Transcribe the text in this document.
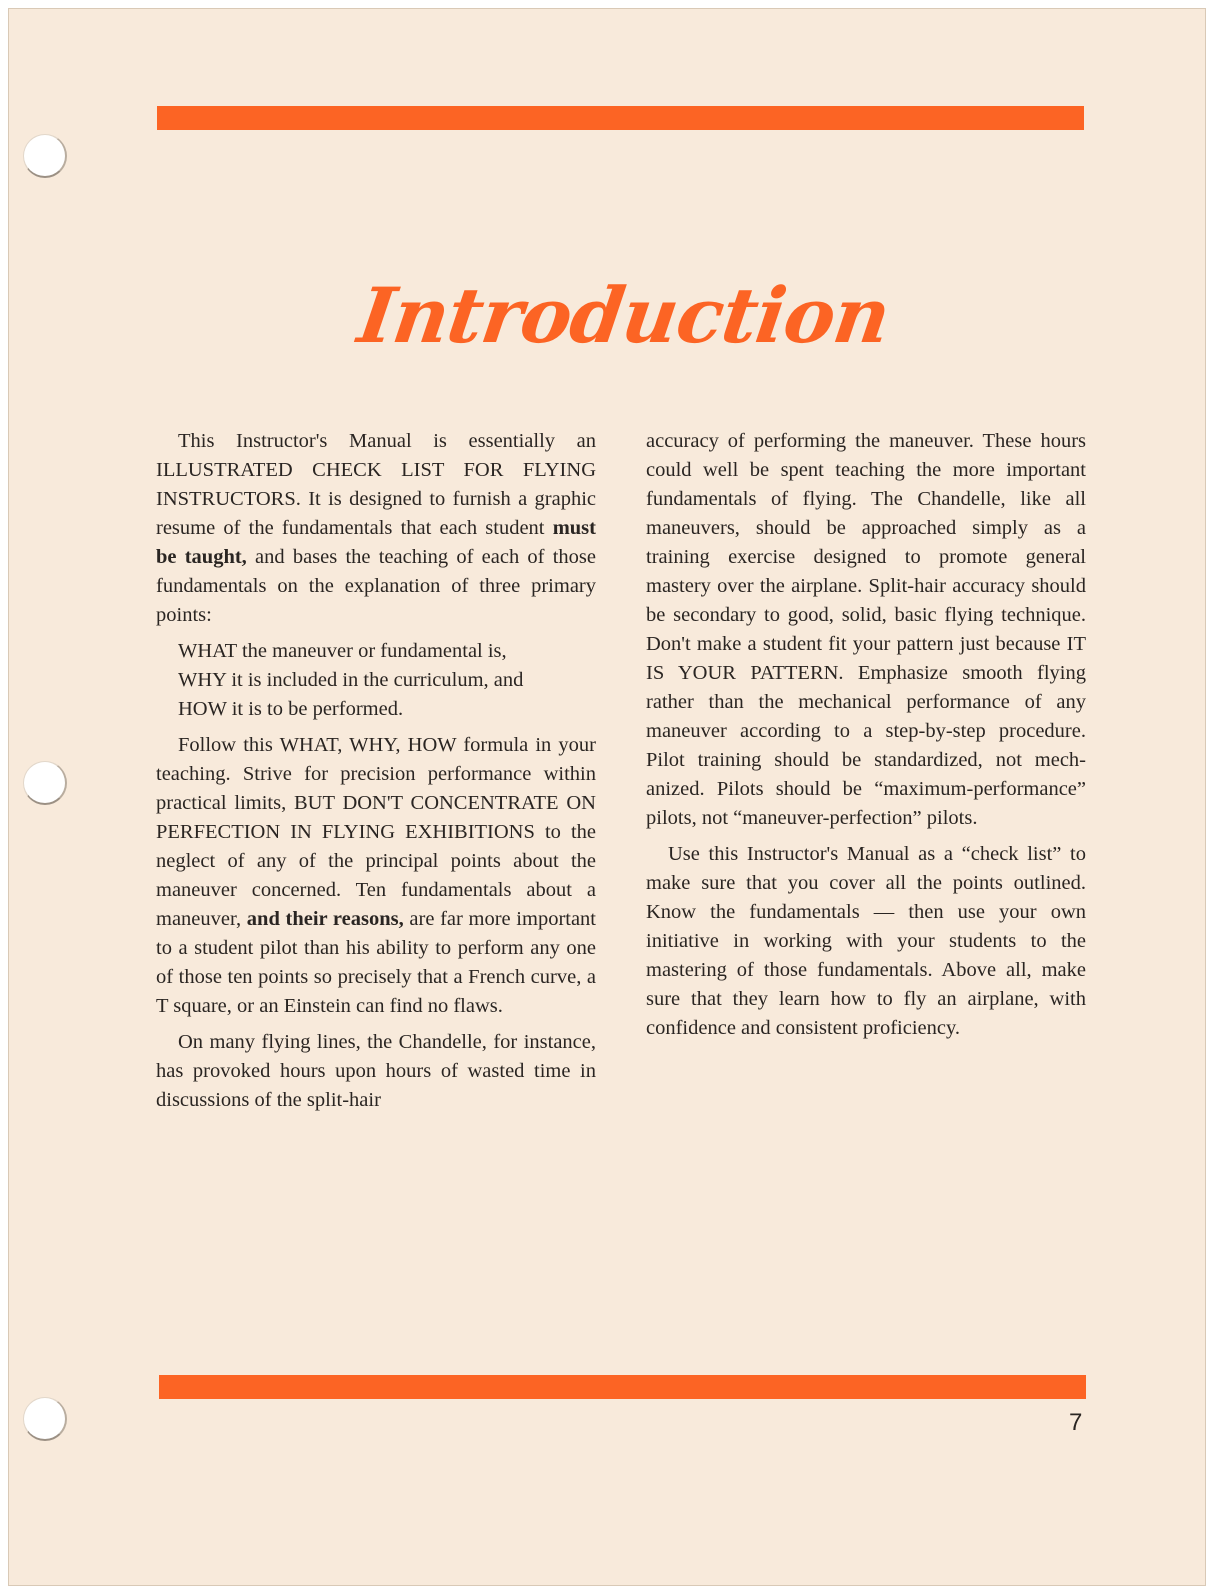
Introduction

This Instructor's Manual is essentially an ILLUSTRATED CHECK LIST FOR FLYING INSTRUCTORS. It is designed to furnish a graphic resume of the fundamentals that each student must be taught, and bases the teaching of each of those fundamentals on the explanation of three primary points:

WHAT the maneuver or fundamental is,

WHY it is included in the curriculum, and

HOW it is to be performed.

Follow this WHAT, WHY, HOW formula in your teaching. Strive for precision performance within practical limits, BUT DON'T CONCENTRATE ON PERFECTION IN FLYING EXHIBITIONS to the neglect of any of the principal points about the maneuver concerned. Ten fundamentals about a maneuver, and their reasons, are far more important to a student pilot than his ability to perform any one of those ten points so precisely that a French curve, a T square, or an Einstein can find no flaws.

On many flying lines, the Chandelle, for instance, has provoked hours upon hours of wasted time in discussions of the split-hair

accuracy of performing the maneuver. These hours could well be spent teaching the more important fundamentals of flying. The Chandelle, like all maneuvers, should be approached simply as a training exercise designed to promote general mastery over the airplane. Split-hair accuracy should be secondary to good, solid, basic flying technique. Don't make a student fit your pattern just because IT IS YOUR PATTERN. Emphasize smooth flying rather than the mechanical performance of any maneuver according to a step-by-step procedure. Pilot training should be standardized, not mechanized. Pilots should be “maximum-performance” pilots, not “maneuver-perfection” pilots.

Use this Instructor's Manual as a “check list” to make sure that you cover all the points outlined. Know the fundamentals — then use your own initiative in working with your students to the mastering of those fundamentals. Above all, make sure that they learn how to fly an airplane, with confidence and consistent proficiency.

7
